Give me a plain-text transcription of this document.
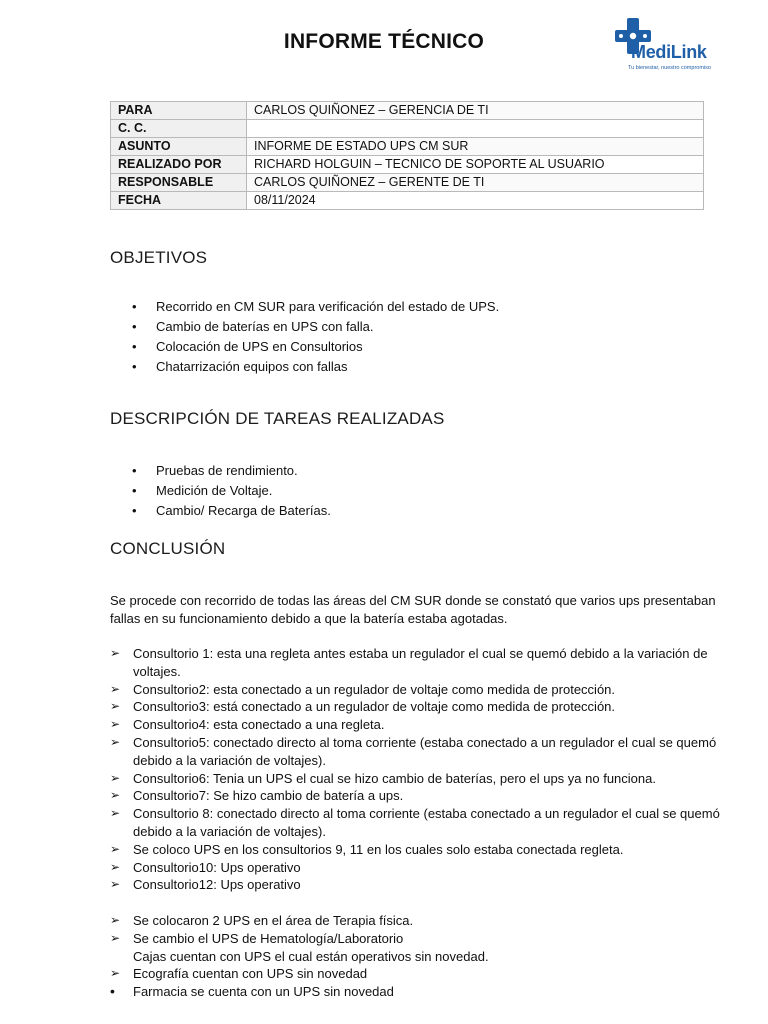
INFORME TÉCNICO	MediLink
Tu bienestar, nuestro compromiso
PARA	CARLOS QUIÑONEZ – GERENCIA DE TI
C. C.	
ASUNTO	INFORME DE ESTADO UPS CM SUR
REALIZADO POR	RICHARD HOLGUIN – TECNICO DE SOPORTE AL USUARIO
RESPONSABLE	CARLOS QUIÑONEZ – GERENTE DE TI
FECHA	08/11/2024
OBJETIVOS
• Recorrido en CM SUR para verificación del estado de UPS.
• Cambio de baterías en UPS con falla.
• Colocación de UPS en Consultorios
• Chatarrización equipos con fallas
DESCRIPCIÓN DE TAREAS REALIZADAS
• Pruebas de rendimiento.
• Medición de Voltaje.
• Cambio/ Recarga de Baterías.
CONCLUSIÓN
Se procede con recorrido de todas las áreas del CM SUR donde se constató que varios ups presentaban fallas en su funcionamiento debido a que la batería estaba agotadas.
➢ Consultorio 1: esta una regleta antes estaba un regulador el cual se quemó debido a la variación de voltajes.
➢ Consultorio2: esta conectado a un regulador de voltaje como medida de protección.
➢ Consultorio3: está conectado a un regulador de voltaje como medida de protección.
➢ Consultorio4: esta conectado a una regleta.
➢ Consultorio5: conectado directo al toma corriente (estaba conectado a un regulador el cual se quemó debido a la variación de voltajes).
➢ Consultorio6: Tenia un UPS el cual se hizo cambio de baterías, pero el ups ya no funciona.
➢ Consultorio7: Se hizo cambio de batería a ups.
➢ Consultorio 8: conectado directo al toma corriente (estaba conectado a un regulador el cual se quemó debido a la variación de voltajes).
➢ Se coloco UPS en los consultorios 9, 11 en los cuales solo estaba conectada regleta.
➢ Consultorio10: Ups operativo
➢ Consultorio12: Ups operativo
➢ Se colocaron 2 UPS en el área de Terapia física.
➢ Se cambio el UPS de Hematología/Laboratorio
Cajas cuentan con UPS el cual están operativos sin novedad.
➢ Ecografía cuentan con UPS sin novedad
• Farmacia se cuenta con un UPS sin novedad
